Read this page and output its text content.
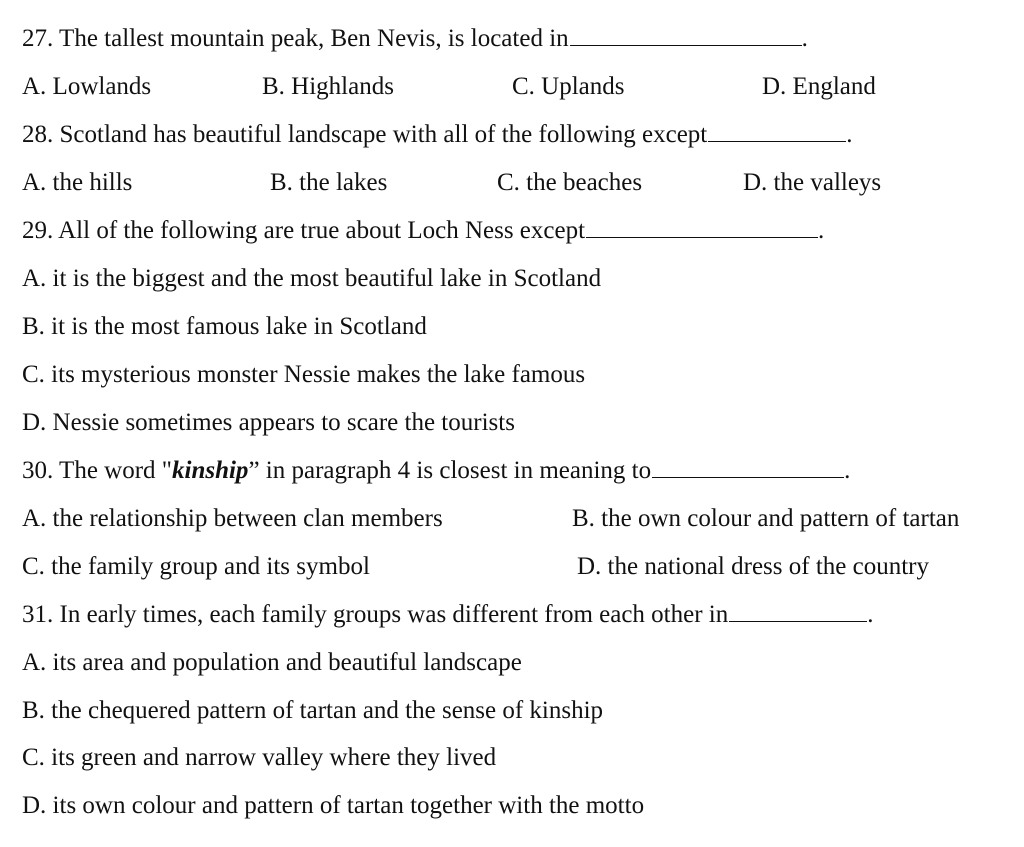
27. The tallest mountain peak, Ben Nevis, is located in	.
A. Lowlands	B. Highlands	C. Uplands	D. England
28. Scotland has beautiful landscape with all of the following except	.
A. the hills	B. the lakes	C. the beaches	D. the valleys
29. All of the following are true about Loch Ness except	.
A. it is the biggest and the most beautiful lake in Scotland
B. it is the most famous lake in Scotland
C. its mysterious monster Nessie makes the lake famous
D. Nessie sometimes appears to scare the tourists
30. The word " kinship ” in paragraph 4 is closest in meaning to	.
A. the relationship between clan members	B. the own colour and pattern of tartan
C. the family group and its symbol	D. the national dress of the country
31. In early times, each family groups was different from each other in	.
A. its area and population and beautiful landscape
B. the chequered pattern of tartan and the sense of kinship
C. its green and narrow valley where they lived
D. its own colour and pattern of tartan together with the motto
